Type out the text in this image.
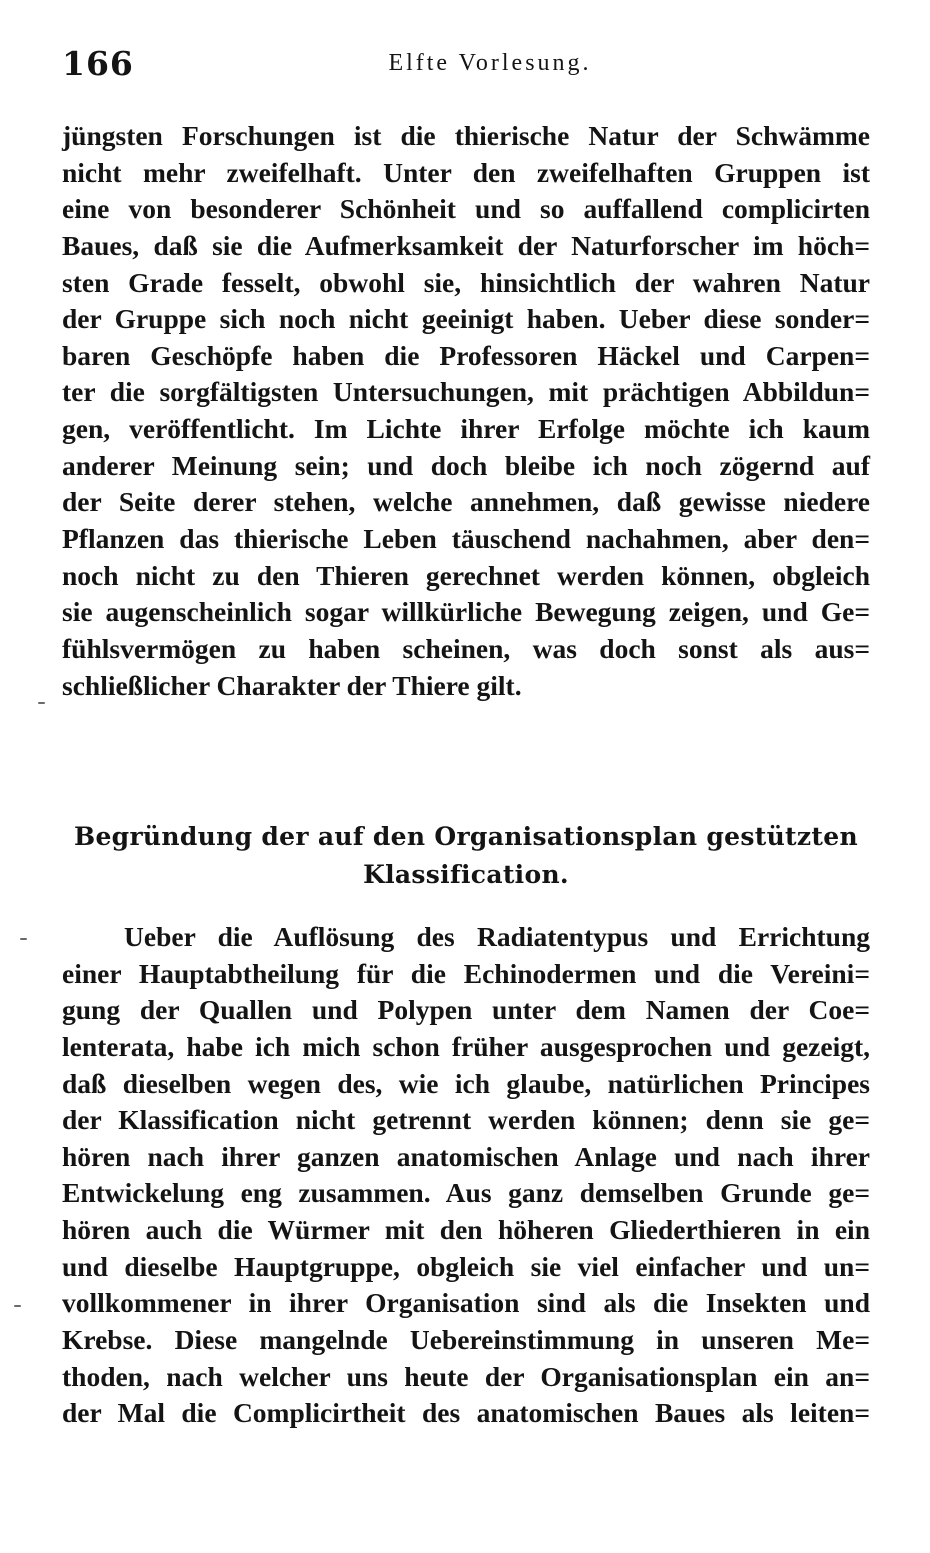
166	Elfte Vorlesung.
jüngsten Forschungen ist die thierische Natur der Schwämme
nicht mehr zweifelhaft. Unter den zweifelhaften Gruppen ist
eine von besonderer Schönheit und so auffallend complicirten
Baues, daß sie die Aufmerksamkeit der Naturforscher im höch=
sten Grade fesselt, obwohl sie, hinsichtlich der wahren Natur
der Gruppe sich noch nicht geeinigt haben. Ueber diese sonder=
baren Geschöpfe haben die Professoren Häckel und Carpen=
ter die sorgfältigsten Untersuchungen, mit prächtigen Abbildun=
gen, veröffentlicht. Im Lichte ihrer Erfolge möchte ich kaum
anderer Meinung sein; und doch bleibe ich noch zögernd auf
der Seite derer stehen, welche annehmen, daß gewisse niedere
Pflanzen das thierische Leben täuschend nachahmen, aber den=
noch nicht zu den Thieren gerechnet werden können, obgleich
sie augenscheinlich sogar willkürliche Bewegung zeigen, und Ge=
fühlsvermögen zu haben scheinen, was doch sonst als aus=
schließlicher Charakter der Thiere gilt.
Begründung der auf den Organisationsplan gestützten
Klassification.
Ueber die Auflösung des Radiatentypus und Errichtung
einer Hauptabtheilung für die Echinodermen und die Vereini=
gung der Quallen und Polypen unter dem Namen der Coe=
lenterata, habe ich mich schon früher ausgesprochen und gezeigt,
daß dieselben wegen des, wie ich glaube, natürlichen Principes
der Klassification nicht getrennt werden können; denn sie ge=
hören nach ihrer ganzen anatomischen Anlage und nach ihrer
Entwickelung eng zusammen. Aus ganz demselben Grunde ge=
hören auch die Würmer mit den höheren Gliederthieren in ein
und dieselbe Hauptgruppe, obgleich sie viel einfacher und un=
vollkommener in ihrer Organisation sind als die Insekten und
Krebse. Diese mangelnde Uebereinstimmung in unseren Me=
thoden, nach welcher uns heute der Organisationsplan ein an=
der Mal die Complicirtheit des anatomischen Baues als leiten=
